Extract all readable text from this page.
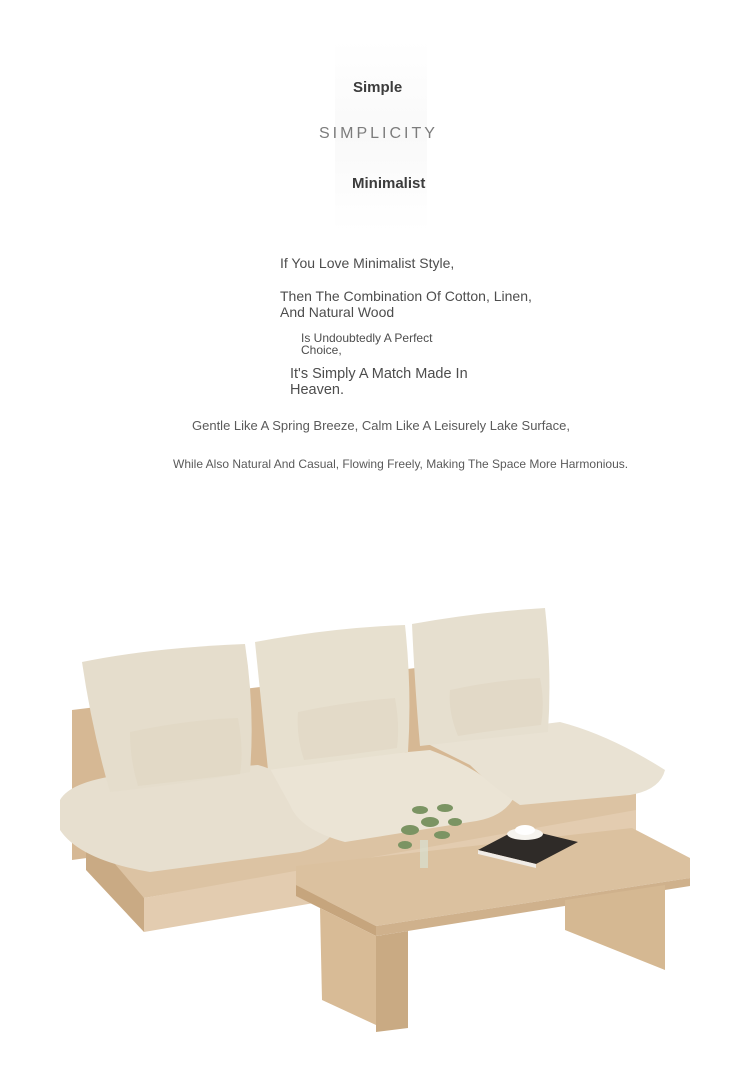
Simple
SIMPLICITY
Minimalist
If You Love Minimalist Style,
Then The Combination Of Cotton, Linen, And Natural Wood
Is Undoubtedly A Perfect Choice,
It's Simply A Match Made In Heaven.
Gentle Like A Spring Breeze, Calm Like A Leisurely Lake Surface,
While Also Natural And Casual, Flowing Freely, Making The Space More Harmonious.
